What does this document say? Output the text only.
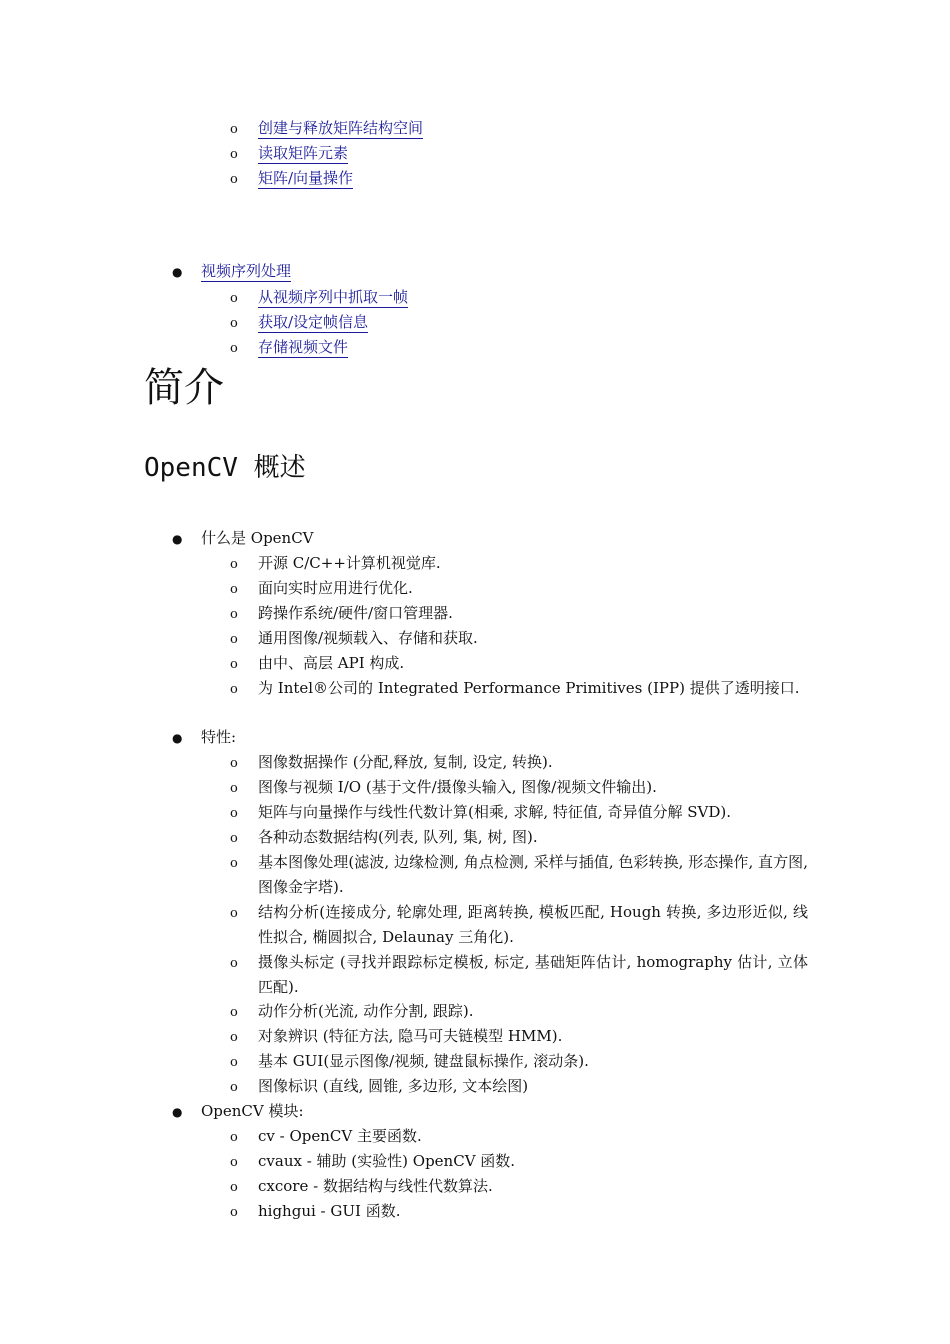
o 创建与释放矩阵结构空间
o 读取矩阵元素
o 矩阵/向量操作
● 视频序列处理
o 从视频序列中抓取一帧
o 获取/设定帧信息
o 存储视频文件
简介
OpenCV 概述
● 什么是 OpenCV
o 开源 C/C++计算机视觉库.
o 面向实时应用进行优化.
o 跨操作系统/硬件/窗口管理器.
o 通用图像/视频载入、存储和获取.
o 由中、高层 API 构成.
o 为 Intel®公司的 Integrated Performance Primitives (IPP) 提供了透明接口.
● 特性:
o 图像数据操作 (分配,释放, 复制, 设定, 转换).
o 图像与视频 I/O (基于文件/摄像头输入, 图像/视频文件输出).
o 矩阵与向量操作与线性代数计算(相乘, 求解, 特征值, 奇异值分解 SVD).
o 各种动态数据结构(列表, 队列, 集, 树, 图).
o 基本图像处理(滤波, 边缘检测, 角点检测, 采样与插值, 色彩转换, 形态操作, 直方图, 图像金字塔).
o 结构分析(连接成分, 轮廓处理, 距离转换, 模板匹配, Hough 转换, 多边形近似, 线性拟合, 椭圆拟合, Delaunay 三角化).
o 摄像头标定 (寻找并跟踪标定模板, 标定, 基础矩阵估计, homography 估计, 立体匹配).
o 动作分析(光流, 动作分割, 跟踪).
o 对象辨识 (特征方法, 隐马可夫链模型 HMM).
o 基本 GUI(显示图像/视频, 键盘鼠标操作, 滚动条).
o 图像标识 (直线, 圆锥, 多边形, 文本绘图)
● OpenCV 模块:
o cv - OpenCV 主要函数.
o cvaux - 辅助 (实验性) OpenCV 函数.
o cxcore - 数据结构与线性代数算法.
o highgui - GUI 函数.
